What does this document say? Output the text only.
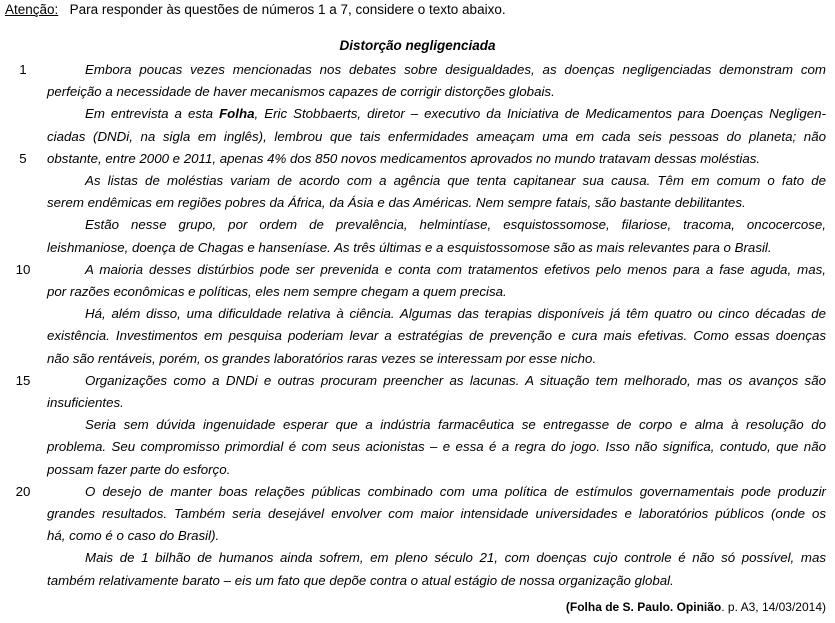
Atenção: Para responder às questões de números 1 a 7, considere o texto abaixo.
Distorção negligenciada
1	Embora poucas vezes mencionadas nos debates sobre desigualdades, as doenças negligenciadas demonstram com
perfeição a necessidade de haver mecanismos capazes de corrigir distorções globais.
Em entrevista a esta Folha, Eric Stobbaerts, diretor – executivo da Iniciativa de Medicamentos para Doenças Negligen-
ciadas (DNDi, na sigla em inglês), lembrou que tais enfermidades ameaçam uma em cada seis pessoas do planeta; não
5	obstante, entre 2000 e 2011, apenas 4% dos 850 novos medicamentos aprovados no mundo tratavam dessas moléstias.
As listas de moléstias variam de acordo com a agência que tenta capitanear sua causa. Têm em comum o fato de
serem endêmicas em regiões pobres da África, da Ásia e das Américas. Nem sempre fatais, são bastante debilitantes.
Estão nesse grupo, por ordem de prevalência, helmintíase, esquistossomose, filariose, tracoma, oncocercose,
leishmaniose, doença de Chagas e hanseníase. As três últimas e a esquistossomose são as mais relevantes para o Brasil.
10	A maioria desses distúrbios pode ser prevenida e conta com tratamentos efetivos pelo menos para a fase aguda, mas,
por razões econômicas e políticas, eles nem sempre chegam a quem precisa.
Há, além disso, uma dificuldade relativa à ciência. Algumas das terapias disponíveis já têm quatro ou cinco décadas de
existência. Investimentos em pesquisa poderiam levar a estratégias de prevenção e cura mais efetivas. Como essas doenças
não são rentáveis, porém, os grandes laboratórios raras vezes se interessam por esse nicho.
15	Organizações como a DNDi e outras procuram preencher as lacunas. A situação tem melhorado, mas os avanços são
insuficientes.
Seria sem dúvida ingenuidade esperar que a indústria farmacêutica se entregasse de corpo e alma à resolução do
problema. Seu compromisso primordial é com seus acionistas – e essa é a regra do jogo. Isso não significa, contudo, que não
possam fazer parte do esforço.
20	O desejo de manter boas relações públicas combinado com uma política de estímulos governamentais pode produzir
grandes resultados. Também seria desejável envolver com maior intensidade universidades e laboratórios públicos (onde os
há, como é o caso do Brasil).
Mais de 1 bilhão de humanos ainda sofrem, em pleno século 21, com doenças cujo controle é não só possível, mas
também relativamente barato – eis um fato que depõe contra o atual estágio de nossa organização global.
(Folha de S. Paulo. Opinião. p. A3, 14/03/2014)
